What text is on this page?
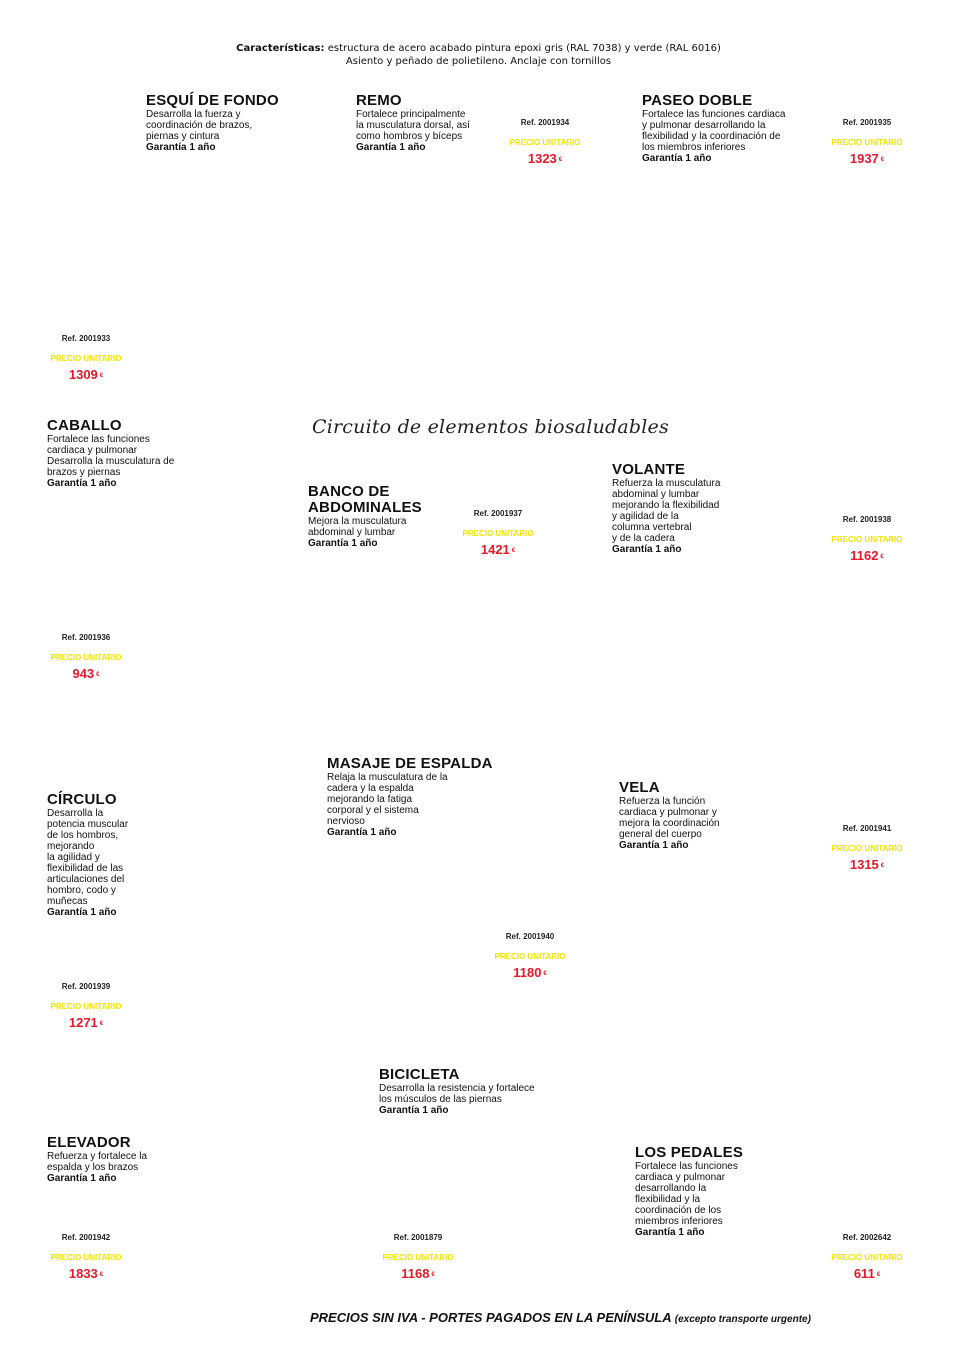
Características: estructura de acero acabado pintura epoxi gris (RAL 7038) y verde (RAL 6016)
Asiento y peñado de polietileno. Anclaje con tornillos
Circuito de elementos biosaludables
ESQUÍ DE FONDO
Desarrolla la fuerza y
coordinación de brazos,
piernas y cintura
Garantía 1 año
REMO
Fortalece principalmente
la musculatura dorsal, así
como hombros y bíceps
Garantía 1 año
PASEO DOBLE
Fortalece las funciones cardiaca
y pulmonar desarrollando la
flexibilidad y la coordinación de
los miembros inferiores
Garantía 1 año
CABALLO
Fortalece las funciones
cardiaca y pulmonar
Desarrolla la musculatura de
brazos y piernas
Garantía 1 año	BANCO DE
ABDOMINALES
Mejora la musculatura
abdominal y lumbar
Garantía 1 año
VOLANTE
Refuerza la musculatura
abdominal y lumbar
mejorando la flexibilidad
y agilidad de la
columna vertebral
y de la cadera
Garantía 1 año
MASAJE DE ESPALDA
Relaja la musculatura de la
cadera y la espalda
mejorando la fatiga
corporal y el sistema
nervioso
Garantía 1 año
CÍRCULO
Desarrolla la
potencia muscular
de los hombros,
mejorando
la agilidad y
flexibilidad de las
articulaciones del
hombro, codo y
muñecas
Garantía 1 año
VELA
Refuerza la función
cardiaca y pulmonar y
mejora la coordinación
general del cuerpo
Garantía 1 año
BICICLETA
Desarrolla la resistencia y fortalece
los músculos de las piernas
Garantía 1 año
ELEVADOR
Refuerza y fortalece la
espalda y los brazos
Garantía 1 año
LOS PEDALES
Fortalece las funciones
cardiaca y pulmonar
desarrollando la
flexibilidad y la
coordinación de los
miembros inferiores
Garantía 1 año
Ref. 2001933
PRECIO UNITARIO
1309 €
Ref. 2001934
PRECIO UNITARIO
1323 €
Ref. 2001935
PRECIO UNITARIO
1937 €
Ref. 2001936
PRECIO UNITARIO
943 €
Ref. 2001937
PRECIO UNITARIO
1421 €
Ref. 2001938
PRECIO UNITARIO
1162 €
Ref. 2001940
PRECIO UNITARIO
1180 €
Ref. 2001939
PRECIO UNITARIO
1271 €
Ref. 2001941
PRECIO UNITARIO
1315 €
Ref. 2001879
PRECIO UNITARIO
1168 €
Ref. 2001942
PRECIO UNITARIO
1833 €
Ref. 2002642
PRECIO UNITARIO
611 €
PRECIOS SIN IVA - PORTES PAGADOS EN LA PENÍNSULA (excepto transporte urgente)
